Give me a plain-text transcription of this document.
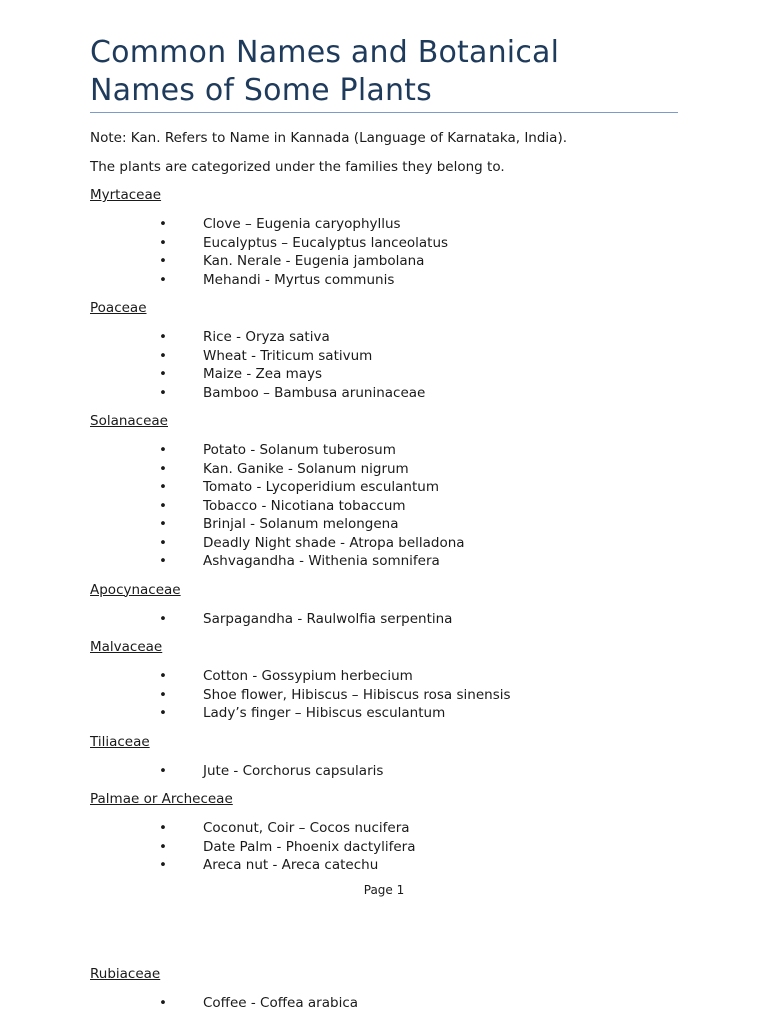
Common Names and Botanical
Names of Some Plants

Note: Kan. Refers to Name in Kannada (Language of Karnataka, India).

The plants are categorized under the families they belong to.

Myrtaceae

•	Clove – Eugenia caryophyllus
•	Eucalyptus – Eucalyptus lanceolatus
•	Kan. Nerale - Eugenia jambolana
•	Mehandi - Myrtus communis

Poaceae

•	Rice - Oryza sativa
•	Wheat - Triticum sativum
•	Maize - Zea mays
•	Bamboo – Bambusa aruninaceae

Solanaceae

•	Potato - Solanum tuberosum
•	Kan. Ganike - Solanum nigrum
•	Tomato - Lycoperidium esculantum
•	Tobacco - Nicotiana tobaccum
•	Brinjal - Solanum melongena
•	Deadly Night shade - Atropa belladona
•	Ashvagandha - Withenia somnifera

Apocynaceae

•	Sarpagandha - Raulwolfia serpentina

Malvaceae

•	Cotton - Gossypium herbecium
•	Shoe flower, Hibiscus – Hibiscus rosa sinensis
•	Lady’s finger – Hibiscus esculantum

Tiliaceae

•	Jute - Corchorus capsularis

Palmae or Archeceae

•	Coconut, Coir – Cocos nucifera
•	Date Palm - Phoenix dactylifera
•	Areca nut - Areca catechu
Page 1

Rubiaceae

•	Coffee - Coffea arabica
